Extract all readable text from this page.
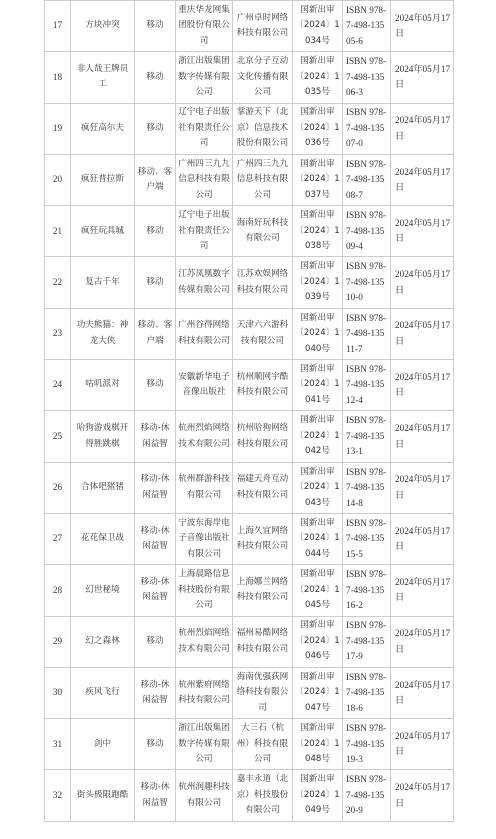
17	方块冲突	移动	重庆华龙网集团股份有限公司	广州卓时网络科技有限公司	国新出审〔2024〕1034号	ISBN 978-7-498-13505-6	2024年05月17日
18	非人哉王牌员工	移动	浙江出版集团数字传媒有限公司	北京分子互动文化传播有限公司	国新出审〔2024〕1035号	ISBN 978-7-498-13506-3	2024年05月17日
19	疯狂高尔夫	移动	辽宁电子出版社有限责任公司	掌游天下（北京）信息技术股份有限公司	国新出审〔2024〕1036号	ISBN 978-7-498-13507-0	2024年05月17日
20	疯狂普拉斯	移动、客户端	广州四三九九信息科技有限公司	广州四三九九信息科技有限公司	国新出审〔2024〕1037号	ISBN 978-7-498-13508-7	2024年05月17日
21	疯狂玩具城	移动	辽宁电子出版社有限责任公司	海南好玩科技有限公司	国新出审〔2024〕1038号	ISBN 978-7-498-13509-4	2024年05月17日
22	复古千年	移动	江苏凤凰数字传媒有限公司	江苏欢娱网络科技有限公司	国新出审〔2024〕1039号	ISBN 978-7-498-13510-0	2024年05月17日
23	功夫熊猫：神龙大侠	移动、客户端	广州谷得网络科技有限公司	天津六六游科技有限公司	国新出审〔2024〕1040号	ISBN 978-7-498-13511-7	2024年05月17日
24	咕叽派对	移动	安徽新华电子音像出版社	杭州顺网宇酷科技有限公司	国新出审〔2024〕1041号	ISBN 978-7-498-13512-4	2024年05月17日
25	哈狗游戏棋开得胜跳棋	移动-休闲益智	杭州烈焰网络技术有限公司	杭州哈狗网络科技有限公司	国新出审〔2024〕1042号	ISBN 978-7-498-13513-1	2024年05月17日
26	合体吧猪猪	移动-休闲益智	杭州群游科技有限公司	福建天舟互动科技有限公司	国新出审〔2024〕1043号	ISBN 978-7-498-13514-8	2024年05月17日
27	花花保卫战	移动-休闲益智	宁波东海岸电子音像出版社有限公司	上海久宜网络科技有限公司	国新出审〔2024〕1044号	ISBN 978-7-498-13515-5	2024年05月17日
28	幻世秘境	移动-休闲益智	上海晨路信息科技股份有限公司	上海娜兰网络科技有限公司	国新出审〔2024〕1045号	ISBN 978-7-498-13516-2	2024年05月17日
29	幻之森林	移动	杭州烈焰网络技术有限公司	福州易酷网络科技有限公司	国新出审〔2024〕1046号	ISBN 978-7-498-13517-9	2024年05月17日
30	疾风飞行	移动-休闲益智	杭州紫府网络科技有限公司	海南优强荻网络科技有限公司	国新出审〔2024〕1047号	ISBN 978-7-498-13518-6	2024年05月17日
31	剑中	移动	浙江出版集团数字传媒有限公司	大三石（杭州）科技有限公司	国新出审〔2024〕1048号	ISBN 978-7-498-13519-3	2024年05月17日
32	街头极限跑酷	移动-休闲益智	杭州润趣科技有限公司	嘉丰永道（北京）科技股份有限公司	国新出审〔2024〕1049号	ISBN 978-7-498-13520-9	2024年05月17日
